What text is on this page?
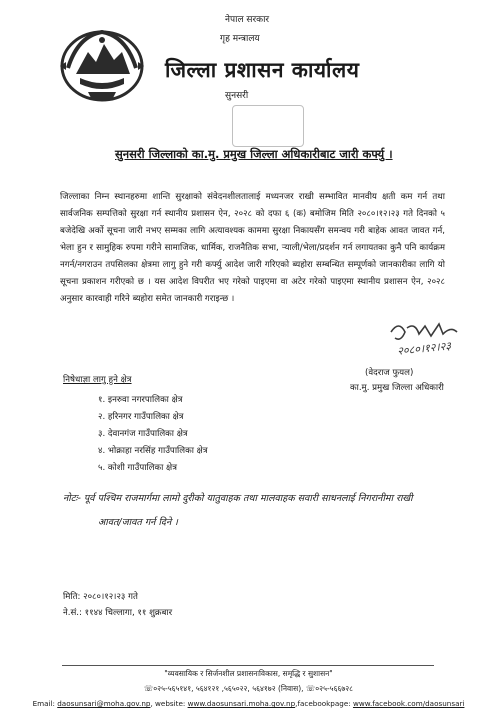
नेपाल सरकार
गृह मन्त्रालय
जिल्ला प्रशासन कार्यालय
सुनसरी
सुनसरी जिल्लाको का.मु. प्रमुख जिल्ला अधिकारीबाट जारी कर्फ्यु ।
जिल्लाका निम्न स्थानहरुमा शान्ति सुरक्षाको संवेदनशीलतालाई मध्यनजर राखी सम्भावित मानवीय क्षती कम गर्न तथा सार्वजनिक सम्पत्तिको सुरक्षा गर्न स्थानीय प्रशासन ऐन, २०२८ को दफा ६ (क) बमोजिम मिति २०८०।१२।२३ गते दिनको ५ बजेदेखि अर्को सूचना जारी नभए सम्मका लागि अत्यावश्यक काममा सुरक्षा निकायसँग समन्वय गरी बाहेक आवत जावत गर्न, भेला हुन र सामुहिक रुपमा गरीने सामाजिक, धार्मिक, राजनैतिक सभा, ऱ्याली/भेला/प्रदर्शन गर्न लगायतका कुनै पनि कार्यक्रम नगर्न/नगराउन तपसिलका क्षेत्रमा लागु हुने गरी कर्फ्यु आदेश जारी गरिएको ब्यहोरा सम्बन्धित सम्पूर्णको जानकारीका लागि यो सूचना प्रकाशन गरीएको छ । यस आदेश विपरीत भए गरेको पाइएमा वा अटेर गरेको पाइएमा स्थानीय प्रशासन ऐन, २०२८ अनुसार कारवाही गरिने ब्यहोरा समेत जानकारी गराइन्छ ।
२०८०।१२।२३
(वेदराज फुयल)
का.मु. प्रमुख जिल्ला अधिकारी
निषेधाज्ञा लागु हुने क्षेत्र
१. इनरुवा नगरपालिका क्षेत्र
२. हरिनगर गाउँपालिका क्षेत्र
३. देवानगंज गाउँपालिका क्षेत्र
४. भोक्राहा नरसिंह गाउँपालिका क्षेत्र
५. कोशी गाउँपालिका क्षेत्र
नोटः- पूर्व पश्चिम राजमार्गमा लामो दुरीको यातुवाहक तथा मालवाहक सवारी साधनलाई निगरानीमा राखी
आवत/जावत गर्न दिने ।
मिति: २०८०।१२।२३ गते
ने.सं.: ११४४ चिल्लागा, ११ शुक्रबार
"व्यवसायिक र सिर्जनशील प्रशासनःविकास, समृद्धि र सुशासन"
☏०२५-५६५१४१, ५६४१२१ ,५६५०२२, ५६४१७२ (निवास), ☏०२५-५६६७२८
Email: daosunsari@moha.gov.np, website: www.daosunsari.moha.gov.np,facebookpage: www.facebook.com/daosunsari
